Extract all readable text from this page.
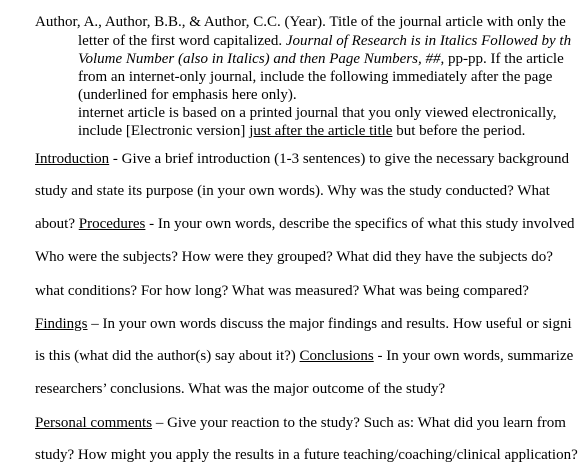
Author, A., Author, B.B., & Author, C.C. (Year). Title of the journal article with only the
letter of the first word capitalized. Journal of Research is in Italics Followed by th
Volume Number (also in Italics) and then Page Numbers, ##, pp-pp. If the article
from an internet-only journal, include the following immediately after the page
(underlined for emphasis here only).
internet article is based on a printed journal that you only viewed electronically,
include [Electronic version] just after the article title but before the period.
Introduction - Give a brief introduction (1-3 sentences) to give the necessary background
study and state its purpose (in your own words). Why was the study conducted? What
about? Procedures - In your own words, describe the specifics of what this study involved
Who were the subjects? How were they grouped? What did they have the subjects do?
what conditions? For how long? What was measured? What was being compared?
Findings – In your own words discuss the major findings and results. How useful or signi
is this (what did the author(s) say about it?) Conclusions - In your own words, summarize
researchers’ conclusions. What was the major outcome of the study?
Personal comments – Give your reaction to the study? Such as: What did you learn from
study? How might you apply the results in a future teaching/coaching/clinical application?
